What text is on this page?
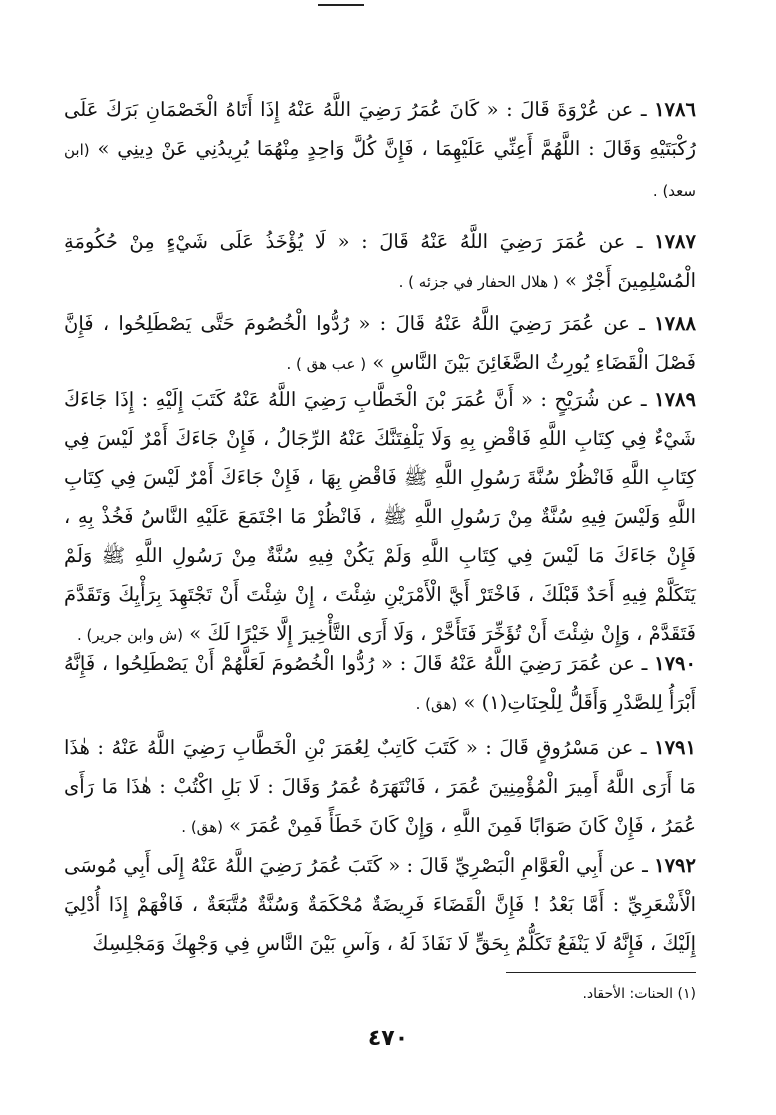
١٧٨٦ ـ عن عُرْوَةَ قَالَ : « كَانَ عُمَرُ رَضِيَ اللَّهُ عَنْهُ إِذَا أَتَاهُ الْخَصْمَانِ بَرَكَ عَلَى رُكْبَتَيْهِ وَقَالَ : اللَّهُمَّ أَعِنِّي عَلَيْهِمَا ، فَإِنَّ كُلَّ وَاحِدٍ مِنْهُمَا يُرِيدُنِي عَنْ دِينِي » (ابن سعد) .
١٧٨٧ ـ عن عُمَرَ رَضِيَ اللَّهُ عَنْهُ قَالَ : « لَا يُؤْخَذُ عَلَى شَيْءٍ مِنْ حُكُومَةِ الْمُسْلِمِينَ أَجْرٌ » ( هلال الحفار في جزئه ) .
١٧٨٨ ـ عن عُمَرَ رَضِيَ اللَّهُ عَنْهُ قَالَ : « رُدُّوا الْخُصُومَ حَتَّى يَصْطَلِحُوا ، فَإِنَّ فَصْلَ الْقَضَاءِ يُورِثُ الضَّغَائِنَ بَيْنَ النَّاسِ » ( عب هق ) .
١٧٨٩ ـ عن شُرَيْحٍ : « أَنَّ عُمَرَ بْنَ الْخَطَّابِ رَضِيَ اللَّهُ عَنْهُ كَتَبَ إِلَيْهِ : إِذَا جَاءَكَ شَيْءٌ فِي كِتَابِ اللَّهِ فَاقْضِ بِهِ وَلَا يَلْفِتَنَّكَ عَنْهُ الرِّجَالُ ، فَإِنْ جَاءَكَ أَمْرٌ لَيْسَ فِي كِتَابِ اللَّهِ فَانْظُرْ سُنَّةَ رَسُولِ اللَّهِ ﷺ فَاقْضِ بِهَا ، فَإِنْ جَاءَكَ أَمْرٌ لَيْسَ فِي كِتَابِ اللَّهِ وَلَيْسَ فِيهِ سُنَّةٌ مِنْ رَسُولِ اللَّهِ ﷺ ، فَانْظُرْ مَا اجْتَمَعَ عَلَيْهِ النَّاسُ فَخُذْ بِهِ ، فَإِنْ جَاءَكَ مَا لَيْسَ فِي كِتَابِ اللَّهِ وَلَمْ يَكُنْ فِيهِ سُنَّةٌ مِنْ رَسُولِ اللَّهِ ﷺ وَلَمْ يَتَكَلَّمْ فِيهِ أَحَدٌ قَبْلَكَ ، فَاخْتَرْ أَيَّ الْأَمْرَيْنِ شِئْتَ ، إِنْ شِئْتَ أَنْ تَجْتَهِدَ بِرَأْيِكَ وَتَقَدَّمَ فَتَقَدَّمْ ، وَإِنْ شِئْتَ أَنْ تُؤَخِّرَ فَتَأَخَّرْ ، وَلَا أَرَى التَّأْخِيرَ إِلَّا خَيْرًا لَكَ » (ش وابن جرير) .
١٧٩٠ ـ عن عُمَرَ رَضِيَ اللَّهُ عَنْهُ قَالَ : « رُدُّوا الْخُصُومَ لَعَلَّهُمْ أَنْ يَصْطَلِحُوا ، فَإِنَّهُ أَبْرَأُ لِلصَّدْرِ وَأَقَلُّ لِلْحِنَاتِ(١) » (هق) .
١٧٩١ ـ عن مَسْرُوقٍ قَالَ : « كَتَبَ كَاتِبٌ لِعُمَرَ بْنِ الْخَطَّابِ رَضِيَ اللَّهُ عَنْهُ : هٰذَا مَا أَرَى اللَّهُ أَمِيرَ الْمُؤْمِنِينَ عُمَرَ ، فَانْتَهَرَهُ عُمَرُ وَقَالَ : لَا بَلِ اكْتُبْ : هٰذَا مَا رَأَى عُمَرُ ، فَإِنْ كَانَ صَوَابًا فَمِنَ اللَّهِ ، وَإِنْ كَانَ خَطَأً فَمِنْ عُمَرَ » (هق) .
١٧٩٢ ـ عن أَبِي الْعَوَّامِ الْبَصْرِيِّ قَالَ : « كَتَبَ عُمَرُ رَضِيَ اللَّهُ عَنْهُ إِلَى أَبِي مُوسَى الْأَشْعَرِيِّ : أَمَّا بَعْدُ ! فَإِنَّ الْقَضَاءَ فَرِيضَةٌ مُحْكَمَةٌ وَسُنَّةٌ مُتَّبَعَةٌ ، فَافْهَمْ إِذَا أُدْلِيَ إِلَيْكَ ، فَإِنَّهُ لَا يَنْفَعُ تَكَلُّمٌ بِحَقٍّ لَا نَفَاذَ لَهُ ، وَآسِ بَيْنَ النَّاسِ فِي وَجْهِكَ وَمَجْلِسِكَ
(١) الحنات: الأحقاد.
٤٧٠
